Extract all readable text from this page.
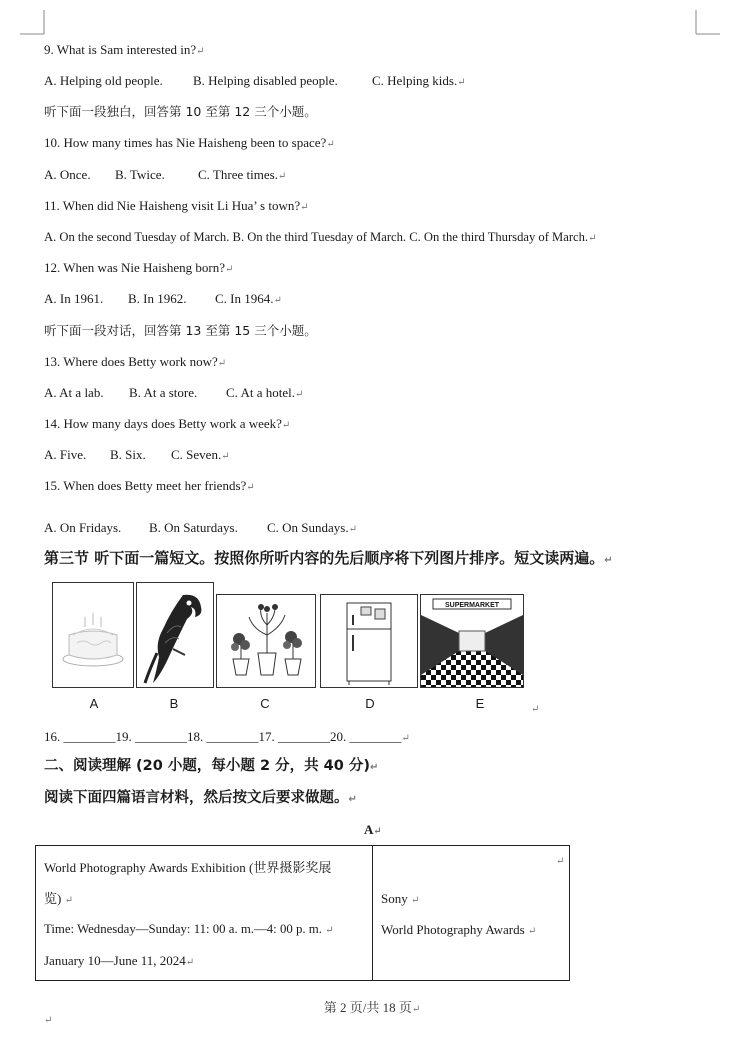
9. What is Sam interested in?↵
A. Helping old people. B. Helping disabled people.	C. Helping kids.↵
听下面一段独白，回答第 10 至第 12 三个小题。
10. How many times has Nie Haisheng been to space?↵
A. Once. B. Twice.	C. Three times.↵
11. When did Nie Haisheng visit Li Hua’ s town?↵
A. On the second Tuesday of March. B. On the third Tuesday of March. C. On the third Thursday of March.↵
12. When was Nie Haisheng born?↵
A. In 1961. B. In 1962. C. In 1964.↵
听下面一段对话，回答第 13 至第 15 三个小题。
13. Where does Betty work now?↵
A. At a lab. B. At a store. C. At a hotel.↵
14. How many days does Betty work a week?↵
A. Five. B. Six. C. Seven.↵
15. When does Betty meet her friends?↵
A. On Fridays. B. On Saturdays. C. On Sundays.↵
第三节 听下面一篇短文。按照你所听内容的先后顺序将下列图片排序。短文读两遍。↵
A	B	C	D
SUPERMARKET
E	↵
16. ________19. ________18. ________17. ________20. ________↵
二、阅读理解 (20 小题，每小题 2 分，共 40 分)↵
阅读下面四篇语言材料，然后按文后要求做题。↵
A↵
World Photography Awards Exhibition (世界摄影奖展
览) ↵
Time: Wednesday—Sunday: 11: 00 a. m.—4: 00 p. m. ↵
January 10—June 11, 2024↵

Sony ↵
World Photography Awards ↵
↵
第 2 页/共 18 页↵
↵
